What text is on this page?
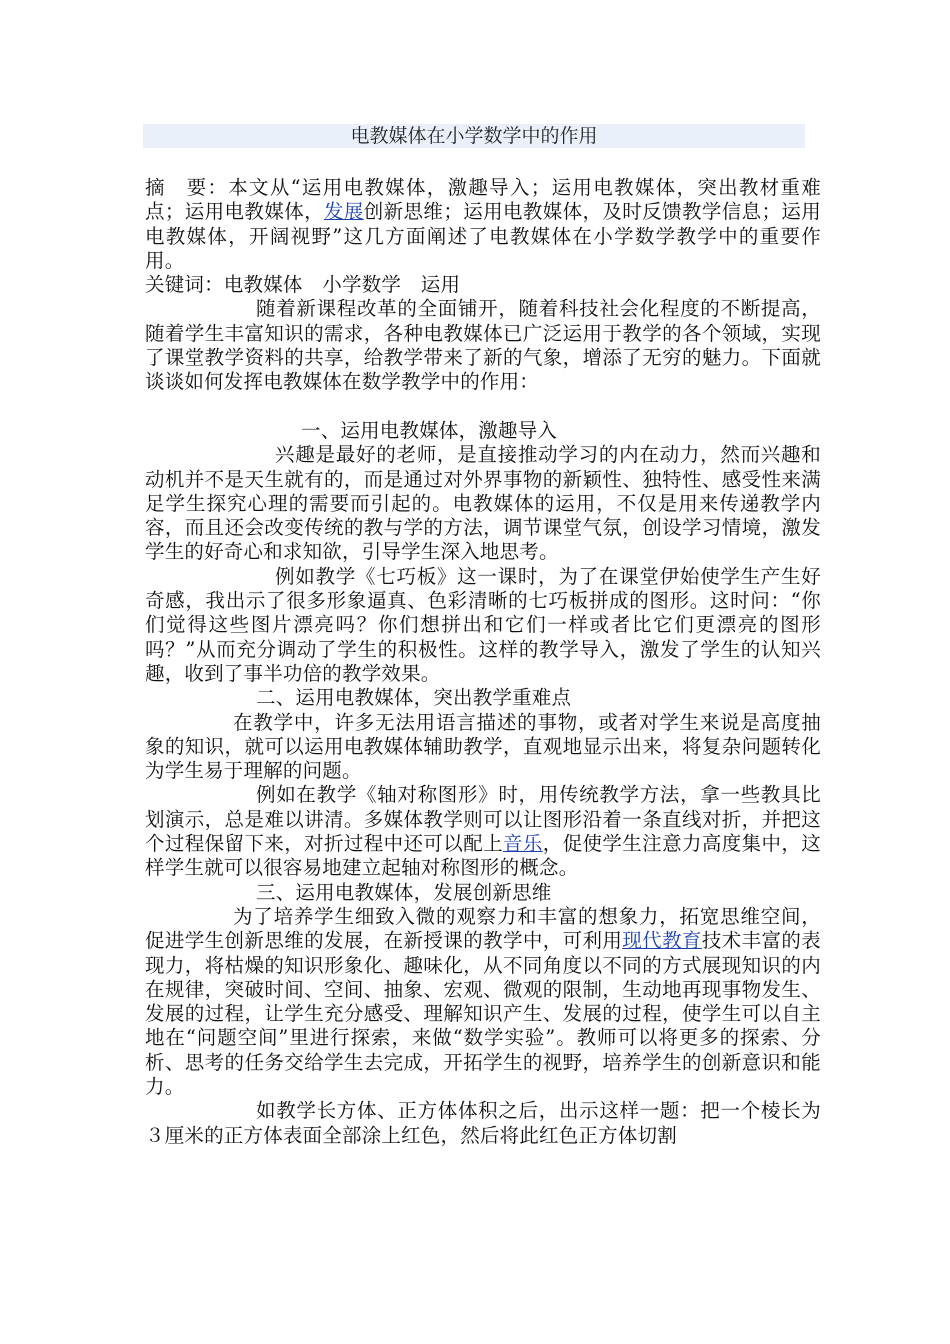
电教媒体在小学数学中的作用

摘　要：本文从“运用电教媒体，激趣导入；运用电教媒体，突出教材重难点；运用电教媒体，发展创新思维；运用电教媒体，及时反馈教学信息；运用电教媒体，开阔视野”这几方面阐述了电教媒体在小学数学教学中的重要作用。

关键词：电教媒体　小学数学　运用

随着新课程改革的全面铺开，随着科技社会化程度的不断提高，随着学生丰富知识的需求，各种电教媒体已广泛运用于教学的各个领域，实现了课堂教学资料的共享，给教学带来了新的气象，增添了无穷的魅力。下面就谈谈如何发挥电教媒体在数学教学中的作用：

一、运用电教媒体，激趣导入

兴趣是最好的老师，是直接推动学习的内在动力，然而兴趣和动机并不是天生就有的，而是通过对外界事物的新颖性、独特性、感受性来满足学生探究心理的需要而引起的。电教媒体的运用，不仅是用来传递教学内容，而且还会改变传统的教与学的方法，调节课堂气氛，创设学习情境，激发学生的好奇心和求知欲，引导学生深入地思考。

例如教学《七巧板》这一课时，为了在课堂伊始使学生产生好奇感，我出示了很多形象逼真、色彩清晰的七巧板拼成的图形。这时问：“你们觉得这些图片漂亮吗？你们想拼出和它们一样或者比它们更漂亮的图形吗？”从而充分调动了学生的积极性。这样的教学导入，激发了学生的认知兴趣，收到了事半功倍的教学效果。

二、运用电教媒体，突出教学重难点

在教学中，许多无法用语言描述的事物，或者对学生来说是高度抽象的知识，就可以运用电教媒体辅助教学，直观地显示出来，将复杂问题转化为学生易于理解的问题。

例如在教学《轴对称图形》时，用传统教学方法，拿一些教具比划演示，总是难以讲清。多媒体教学则可以让图形沿着一条直线对折，并把这个过程保留下来，对折过程中还可以配上音乐，促使学生注意力高度集中，这样学生就可以很容易地建立起轴对称图形的概念。

三、运用电教媒体，发展创新思维

为了培养学生细致入微的观察力和丰富的想象力，拓宽思维空间，促进学生创新思维的发展，在新授课的教学中，可利用现代教育技术丰富的表现力，将枯燥的知识形象化、趣味化，从不同角度以不同的方式展现知识的内在规律，突破时间、空间、抽象、宏观、微观的限制，生动地再现事物发生、发展的过程，让学生充分感受、理解知识产生、发展的过程，使学生可以自主地在“问题空间”里进行探索，来做“数学实验”。教师可以将更多的探索、分析、思考的任务交给学生去完成，开拓学生的视野，培养学生的创新意识和能力。

如教学长方体、正方体体积之后，出示这样一题：把一个棱长为３厘米的正方体表面全部涂上红色，然后将此红色正方体切割
